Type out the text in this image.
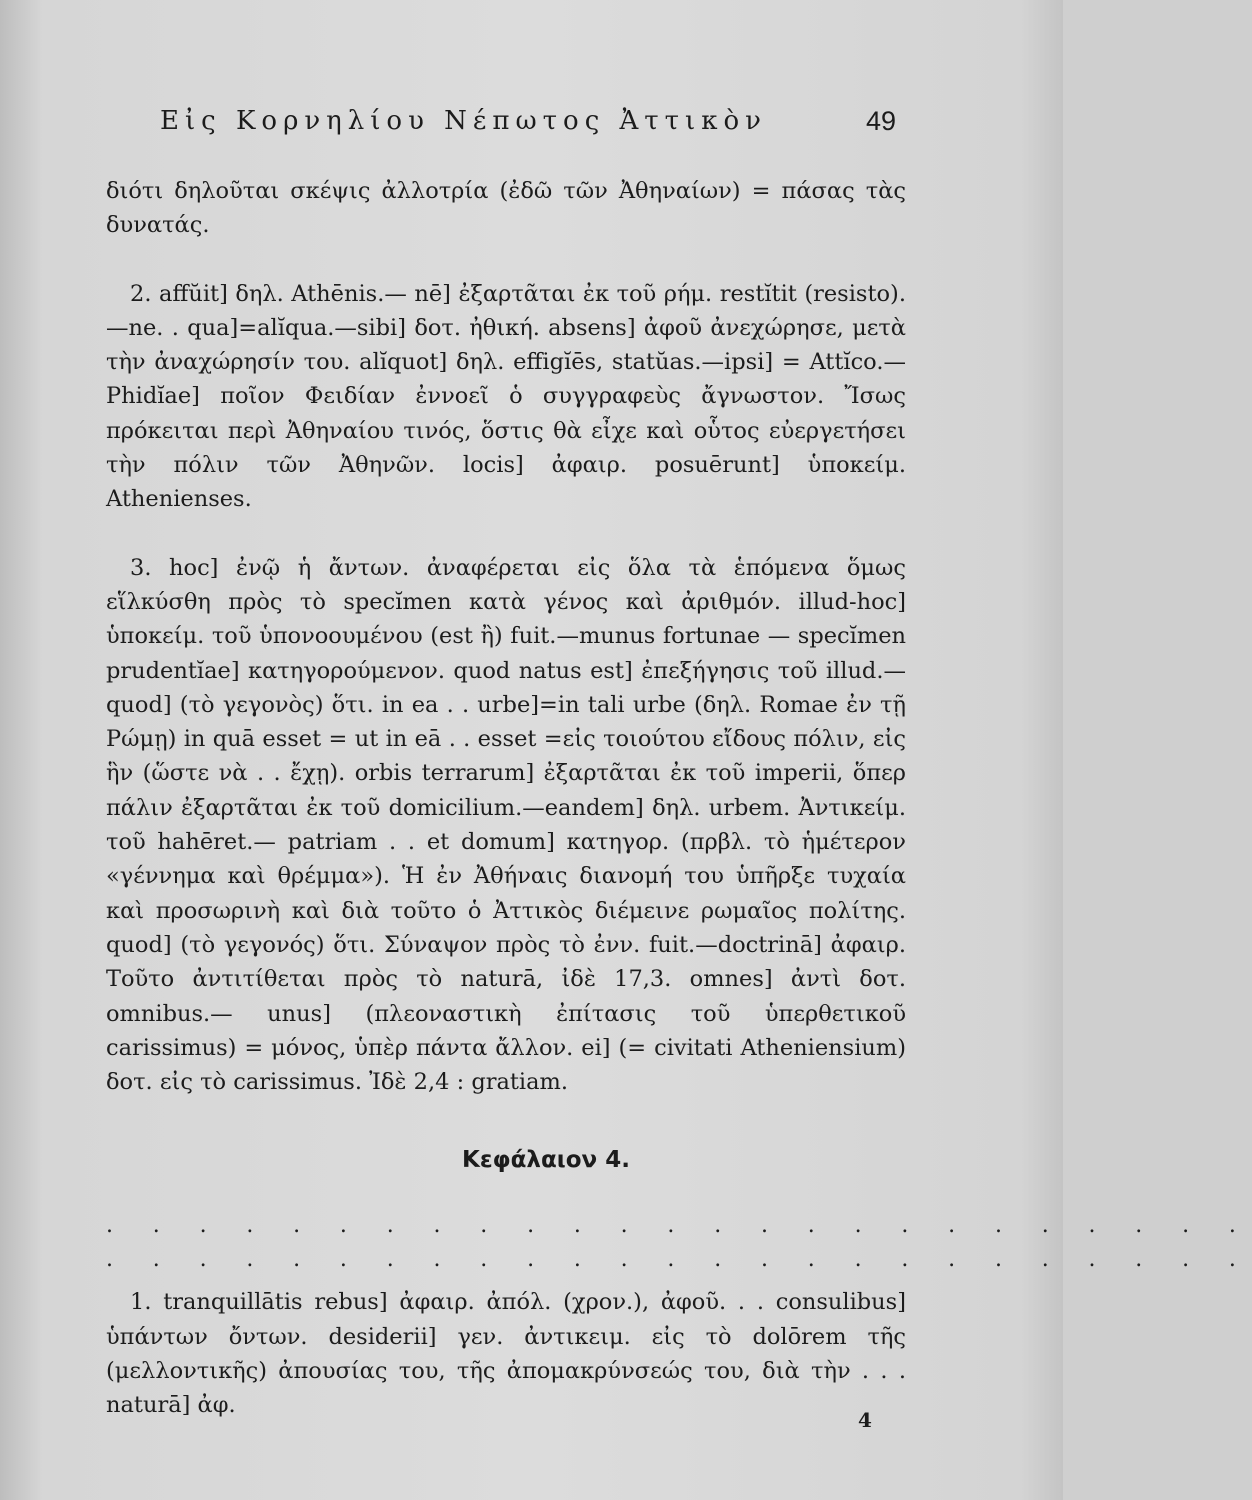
Εἰς Κορνηλίου Νέπωτος Ἀττικὸν	49

διότι δηλοῦται σκέψις ἀλλοτρία (ἐδῶ τῶν Ἀθηναίων) = πάσας τὰς δυνατάς.

2. affŭit] δηλ. Athēnis.— nē] ἐξαρτᾶται ἐκ τοῦ ρήμ. restĭtit (resisto).—ne. . qua]=alĭqua.—sibi] δοτ. ἠθική. absens] ἀφοῦ ἀνεχώρησε, μετὰ τὴν ἀναχώρησίν του. alĭquot] δηλ. effigĭēs, statŭas.—ipsi] = Attĭco.—Phidĭae] ποῖον Φειδίαν ἐννοεῖ ὁ συγγραφεὺς ἄγνωστον. Ἴσως πρόκειται περὶ Ἀθηναίου τινός, ὅστις θὰ εἶχε καὶ οὗτος εὐεργετήσει τὴν πόλιν τῶν Ἀθηνῶν. locis] ἀφαιρ. posuērunt] ὑποκείμ. Athenienses.

3. hoc] ἐνῷ ἡ ἄντων. ἀναφέρεται εἰς ὅλα τὰ ἑπόμενα ὅμως εἵλκύσθη πρὸς τὸ specĭmen κατὰ γένος καὶ ἀριθμόν. illud-hoc] ὑποκείμ. τοῦ ὑπονοουμένου (est ἢ) fuit.—munus fortunae — specĭmen prudentĭae] κατηγορούμενον. quod natus est] ἐπεξήγησις τοῦ illud.— quod] (τὸ γεγονὸς) ὅτι. in ea . . urbe]=in tali urbe (δηλ. Romae ἐν τῇ Ρώμῃ) in quā esset = ut in eā . . esset =εἰς τοιούτου εἴδους πόλιν, εἰς ἣν (ὥστε νὰ . . ἔχῃ). orbis terrarum] ἐξαρτᾶται ἐκ τοῦ imperii, ὅπερ πάλιν ἐξαρτᾶται ἐκ τοῦ domicilium.—eandem] δηλ. urbem. Ἀντικείμ. τοῦ hahēret.— patriam . . et domum] κατηγορ. (πρβλ. τὸ ἡμέτερον «γέννημα καὶ θρέμμα»). Ἡ ἐν Ἀθήναις διανομή του ὑπῆρξε τυχαία καὶ προσωρινὴ καὶ διὰ τοῦτο ὁ Ἀττικὸς διέμεινε ρωμαῖος πολίτης. quod] (τὸ γεγονός) ὅτι. Σύναψον πρὸς τὸ ἐνν. fuit.—doctrinā] ἀφαιρ. Τοῦτο ἀντιτίθεται πρὸς τὸ naturā, ἰδὲ 17,3. omnes] ἀντὶ δοτ. omnibus.— unus] (πλεοναστικὴ ἐπίτασις τοῦ ὑπερθετικοῦ carissimus) = μόνος, ὑπὲρ πάντα ἄλλον. ei] (= civitati Atheniensium) δοτ. εἰς τὸ carissimus. Ἰδὲ 2,4 : gratiam.

Κεφάλαιον 4.

. . . . . . . . . . . . . . . . . . . . . . . . .

. . . . . . . . . . . . . . . . . . . . . . . . .

1. tranquillātis rebus] ἀφαιρ. ἀπόλ. (χρον.), ἀφοῦ. . . consulibus] ὑπάντων ὄντων. desiderii] γεν. ἀντικειμ. εἰς τὸ dolōrem τῆς (μελλοντικῆς) ἀπουσίας του, τῆς ἀπομακρύνσεώς του, διὰ τὴν . . . naturā] ἀφ.

4
